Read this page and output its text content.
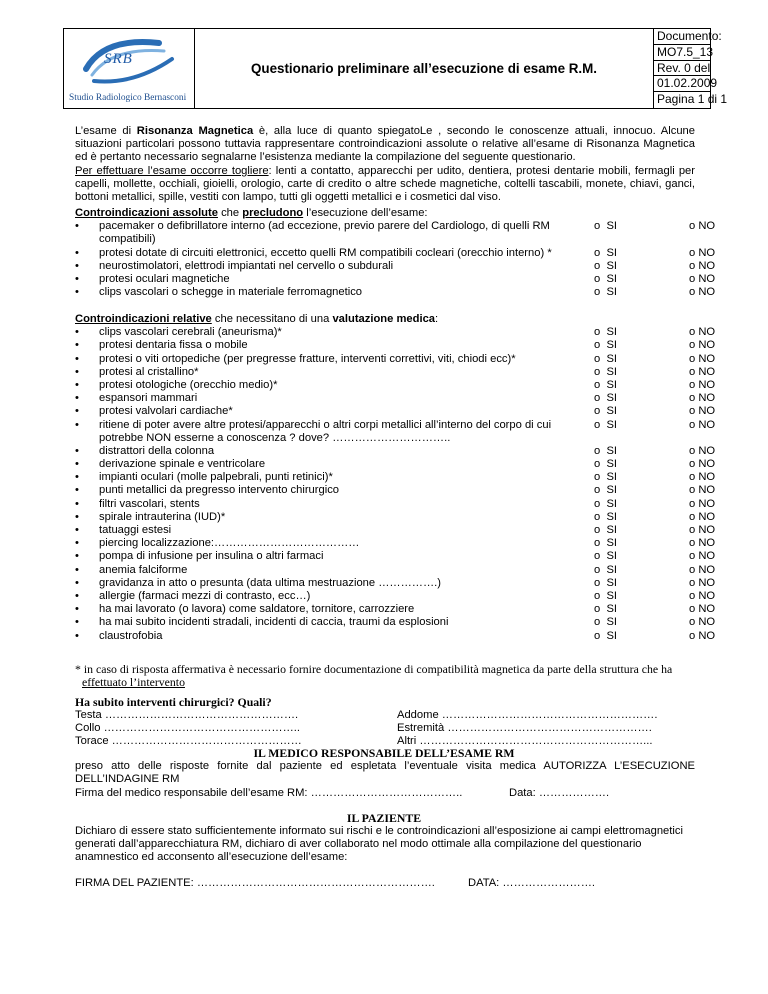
SRB
Studio Radiologico Bernasconi
Questionario preliminare all’esecuzione di esame R.M.
Documento:
MO7.5_13
Rev. 0 del
01.02.2009
Pagina 1 di 1
L’esame di Risonanza Magnetica è, alla luce di quanto spiegatoLe , secondo le conoscenze attuali, innocuo. Alcune situazioni particolari possono tuttavia rappresentare controindicazioni assolute o relative all’esame di Risonanza Magnetica ed è pertanto necessario segnalarne l’esistenza mediante la compilazione del seguente questionario.
Per effettuare l’esame occorre togliere: lenti a contatto, apparecchi per udito, dentiera, protesi dentarie mobili, fermagli per capelli, mollette, occhiali, gioielli, orologio, carte di credito o altre schede magnetiche, coltelli tascabili, monete, chiavi, ganci, bottoni metallici, spille, vestiti con lampo, tutti gli oggetti metallici e i cosmetici dal viso.
Controindicazioni assolute che precludono l’esecuzione dell’esame:
• pacemaker o defibrillatore interno (ad eccezione, previo parere del Cardiologo, di quelli RM
compatibili)
o SI	o NO
• protesi dotate di circuiti elettronici, eccetto quelli RM compatibili cocleari (orecchio interno) *	o SI	o NO
• neurostimolatori, elettrodi impiantati nel cervello o subdurali	o SI	o NO
• protesi oculari magnetiche	o SI	o NO
• clips vascolari o schegge in materiale ferromagnetico	o SI	o NO
Controindicazioni relative che necessitano di una valutazione medica:
• clips vascolari cerebrali (aneurisma)*	o SI	o NO
• protesi dentaria fissa o mobile	o SI	o NO
• protesi o viti ortopediche (per pregresse fratture, interventi correttivi, viti, chiodi ecc)*	o SI	o NO
• protesi al cristallino*	o SI	o NO
• protesi otologiche (orecchio medio)*	o SI	o NO
• espansori mammari	o SI	o NO
• protesi valvolari cardiache*	o SI	o NO
• ritiene di poter avere altre protesi/apparecchi o altri corpi metallici all’interno del corpo di cui
potrebbe NON esserne a conoscenza ? dove? …………………………..
o SI	o NO
• distrattori della colonna	o SI	o NO
• derivazione spinale e ventricolare	o SI	o NO
• impianti oculari (molle palpebrali, punti retinici)*	o SI	o NO
• punti metallici da pregresso intervento chirurgico	o SI	o NO
• filtri vascolari, stents	o SI	o NO
• spirale intrauterina (IUD)*	o SI	o NO
• tatuaggi estesi	o SI	o NO
• piercing localizzazione:…………………………………	o SI	o NO
• pompa di infusione per insulina o altri farmaci	o SI	o NO
• anemia falciforme	o SI	o NO
• gravidanza in atto o presunta (data ultima mestruazione …………….)	o SI	o NO
• allergie (farmaci mezzi di contrasto, ecc…)	o SI	o NO
• ha mai lavorato (o lavora) come saldatore, tornitore, carrozziere	o SI	o NO
• ha mai subito incidenti stradali, incidenti di caccia, traumi da esplosioni	o SI	o NO
• claustrofobia	o SI	o NO
* in caso di risposta affermativa è necessario fornire documentazione di compatibilità magnetica da parte della struttura che ha
effettuato l’intervento
Ha subito interventi chirurgici? Quali?
Testa …………………………………………….
Collo ……………………………………………..
Torace ……………………………………………
Addome ………………………………………………….
Estremità ……………………………………………….
Altri ……………………………………………………...
IL MEDICO RESPONSABILE DELL’ESAME RM
preso atto delle risposte fornite dal paziente ed espletata l’eventuale visita medica AUTORIZZA L’ESECUZIONE DELL’INDAGINE RM
Firma del medico responsabile dell’esame RM: …………………………………..	Data: ……………….
IL PAZIENTE
Dichiaro di essere stato sufficientemente informato sui rischi e le controindicazioni all’esposizione ai campi elettromagnetici generati dall’apparecchiatura RM, dichiaro di aver collaborato nel modo ottimale alla compilazione del questionario anamnestico ed acconsento all’esecuzione dell’esame:
FIRMA DEL PAZIENTE: ……………………………………………………….	DATA: …………………….
